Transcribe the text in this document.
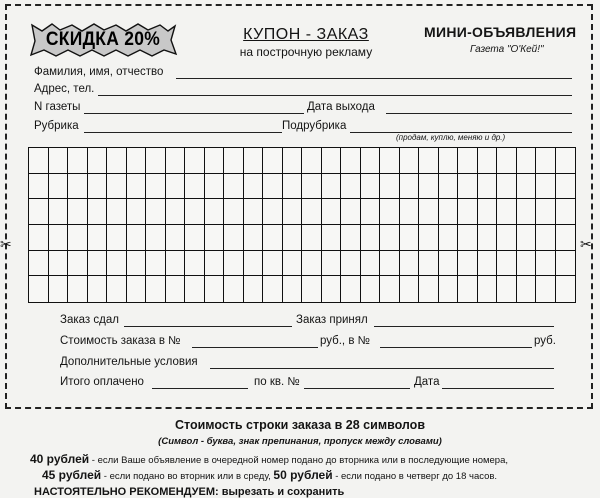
✂	✂
СКИДКА 20%	КУПОН - ЗАКАЗ
на построчную рекламу
МИНИ-ОБЪЯВЛЕНИЯ
Газета "О'Кей!"
Фамилия, имя, отчество
Адрес, тел.
N газеты	Дата выхода
Рубрика	Подрубрика
(продам, куплю, меняю и др.)
Заказ сдал	Заказ принял
Стоимость заказа в №	руб., в №	руб.
Дополнительные условия
Итого оплачено	по кв. №	Дата
Стоимость строки заказа в 28 символов
(Символ - буква, знак препинания, пропуск между словами)
40 рублей - если Ваше объявление в очередной номер подано до вторника или в последующие номера,
45 рублей - если подано во вторник или в среду, 50 рублей - если подано в четверг до 18 часов.
НАСТОЯТЕЛЬНО РЕКОМЕНДУЕМ: вырезать и сохранить
